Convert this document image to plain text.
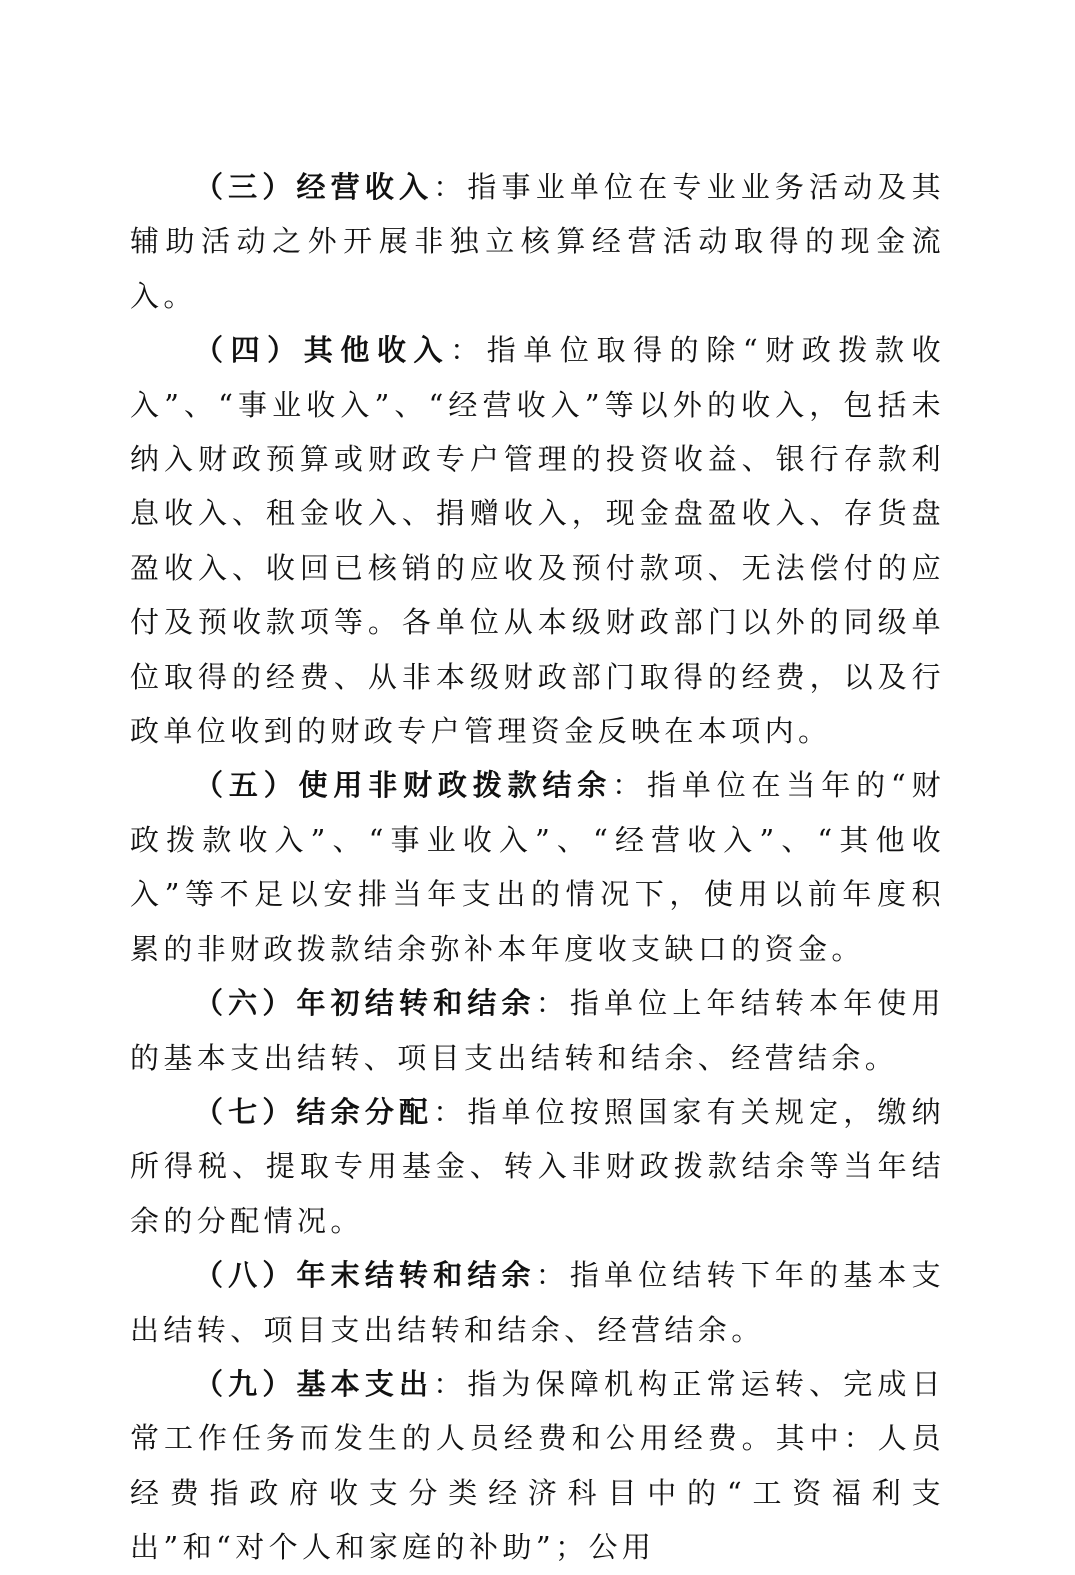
（三）经营收入：指事业单位在专业业务活动及其辅助活动之外开展非独立核算经营活动取得的现金流入。

（四）其他收入：指单位取得的除“财政拨款收入”、“事业收入”、“经营收入”等以外的收入，包括未纳入财政预算或财政专户管理的投资收益、银行存款利息收入、租金收入、捐赠收入，现金盘盈收入、存货盘盈收入、收回已核销的应收及预付款项、无法偿付的应付及预收款项等。各单位从本级财政部门以外的同级单位取得的经费、从非本级财政部门取得的经费，以及行政单位收到的财政专户管理资金反映在本项内。

（五）使用非财政拨款结余：指单位在当年的“财政拨款收入”、“事业收入”、“经营收入”、“其他收入”等不足以安排当年支出的情况下，使用以前年度积累的非财政拨款结余弥补本年度收支缺口的资金。

（六）年初结转和结余：指单位上年结转本年使用的基本支出结转、项目支出结转和结余、经营结余。

（七）结余分配：指单位按照国家有关规定，缴纳所得税、提取专用基金、转入非财政拨款结余等当年结余的分配情况。

（八）年末结转和结余：指单位结转下年的基本支出结转、项目支出结转和结余、经营结余。

（九）基本支出：指为保障机构正常运转、完成日常工作任务而发生的人员经费和公用经费。其中：人员经费指政府收支分类经济科目中的“工资福利支出”和“对个人和家庭的补助”；公用
